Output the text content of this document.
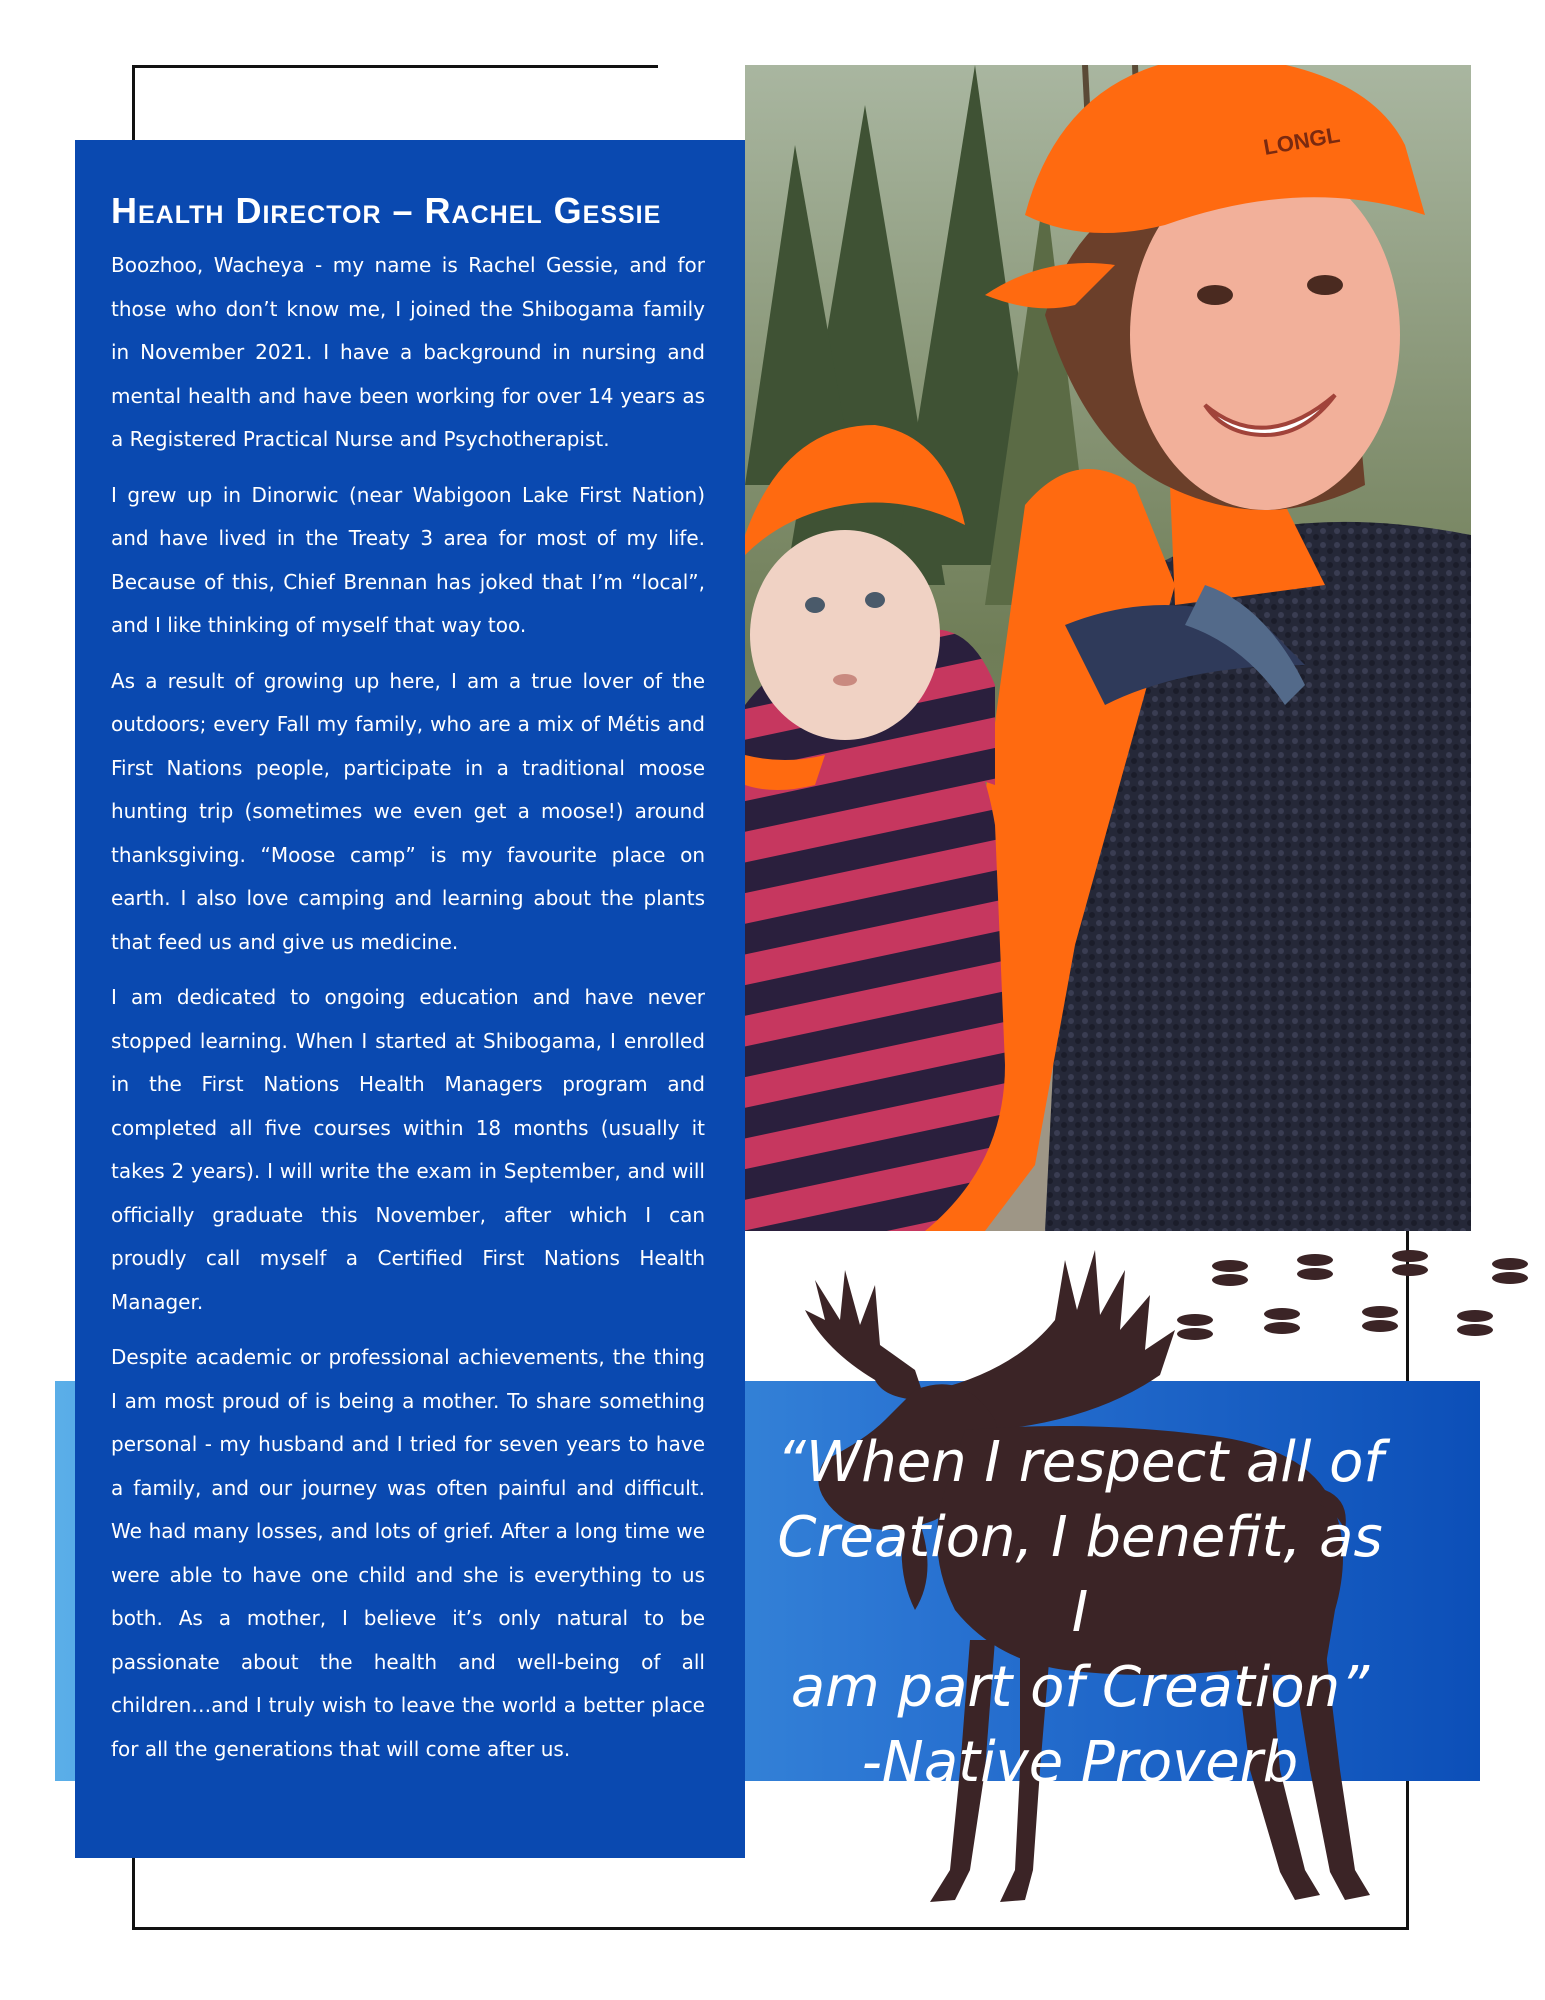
Health Director – Rachel Gessie

Boozhoo, Wacheya - my name is Rachel Gessie, and for those who don’t know me, I joined the Shibogama family in November 2021. I have a background in nursing and mental health and have been working for over 14 years as a Registered Practical Nurse and Psychotherapist.

I grew up in Dinorwic (near Wabigoon Lake First Nation) and have lived in the Treaty 3 area for most of my life. Because of this, Chief Brennan has joked that I’m “local”, and I like thinking of myself that way too.

As a result of growing up here, I am a true lover of the outdoors; every Fall my family, who are a mix of Métis and First Nations people, participate in a traditional moose hunting trip (sometimes we even get a moose!) around thanksgiving. “Moose camp” is my favourite place on earth. I also love camping and learning about the plants that feed us and give us medicine.

I am dedicated to ongoing education and have never stopped learning. When I started at Shibogama, I enrolled in the First Nations Health Managers program and completed all five courses within 18 months (usually it takes 2 years). I will write the exam in September, and will officially graduate this November, after which I can proudly call myself a Certified First Nations Health Manager.

Despite academic or professional achievements, the thing I am most proud of is being a mother. To share something personal - my husband and I tried for seven years to have a family, and our journey was often painful and difficult. We had many losses, and lots of grief. After a long time we were able to have one child and she is everything to us both. As a mother, I believe it’s only natural to be passionate about the health and well-being of all children…and I truly wish to leave the world a better place for all the generations that will come after us.

LONGL
“When I respect all of
Creation, I benefit, as I
am part of Creation”
-Native Proverb
